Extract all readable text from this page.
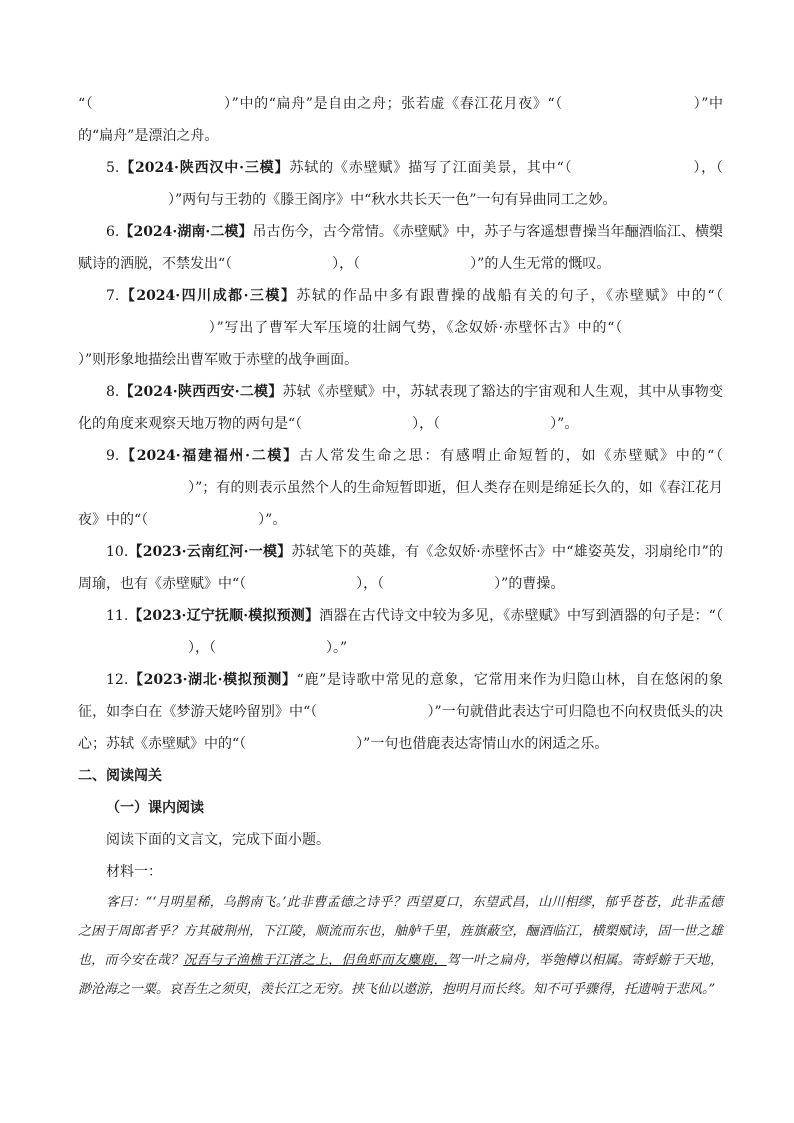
“（	）”中的“扁舟”是自由之舟；张若虚《春江花月夜》“（	）”中的“扁舟”是漂泊之舟。

5.【2024·陕西汉中·三模】苏轼的《赤壁赋》描写了江面美景，其中“（	），（）”两句与王勃的《滕王阁序》中“秋水共长天一色”一句有异曲同工之妙。

6.【2024·湖南·二模】吊古伤今，古今常情。《赤壁赋》中，苏子与客遥想曹操当年酾酒临江、横槊赋诗的洒脱，不禁发出“（	），（	）”的人生无常的慨叹。

7.【2024·四川成都·三模】苏轼的作品中多有跟曹操的战船有关的句子，《赤壁赋》中的“（）”写出了曹军大军压境的壮阔气势，《念奴娇·赤壁怀古》中的“（）”则形象地描绘出曹军败于赤壁的战争画面。

8.【2024·陕西西安·二模】苏轼《赤壁赋》中，苏轼表现了豁达的宇宙观和人生观，其中从事物变化的角度来观察天地万物的两句是“（	），（	）”。

9.【2024·福建福州·二模】古人常发生命之思：有感喟止命短暂的，如《赤壁赋》中的“（）”；有的则表示虽然个人的生命短暂即逝，但人类存在则是绵延长久的，如《春江花月夜》中的“（	）”。

10.【2023·云南红河·一模】苏轼笔下的英雄，有《念奴娇·赤壁怀古》中“雄姿英发，羽扇纶巾”的周瑜，也有《赤壁赋》中“（	），（	）”的曹操。

11.【2023·辽宁抚顺·模拟预测】酒器在古代诗文中较为多见，《赤壁赋》中写到酒器的句子是：“（），（	）。”

12.【2023·湖北·模拟预测】“鹿”是诗歌中常见的意象，它常用来作为归隐山林，自在悠闲的象征，如李白在《梦游天姥吟留别》中“（	）”一句就借此表达宁可归隐也不向权贵低头的决心；苏轼《赤壁赋》中的“（	）”一句也借鹿表达寄情山水的闲适之乐。

二、阅读闯关

（一）课内阅读

阅读下面的文言文，完成下面小题。

材料一：

客曰：“‘月明星稀，乌鹊南飞。’此非曹孟德之诗乎？西望夏口，东望武昌，山川相缪，郁乎苍苍，此非孟德之困于周郎者乎？方其破荆州，下江陵，顺流而东也，舳舻千里，旌旗蔽空，酾酒临江，横槊赋诗，固一世之雄也，而今安在哉？况吾与子渔樵于江渚之上，侣鱼虾而友麋鹿，驾一叶之扁舟，举匏樽以相属。寄蜉蝣于天地，渺沧海之一粟。哀吾生之须臾，羡长江之无穷。挟飞仙以遨游，抱明月而长终。知不可乎骤得，托遗响于悲风。”
